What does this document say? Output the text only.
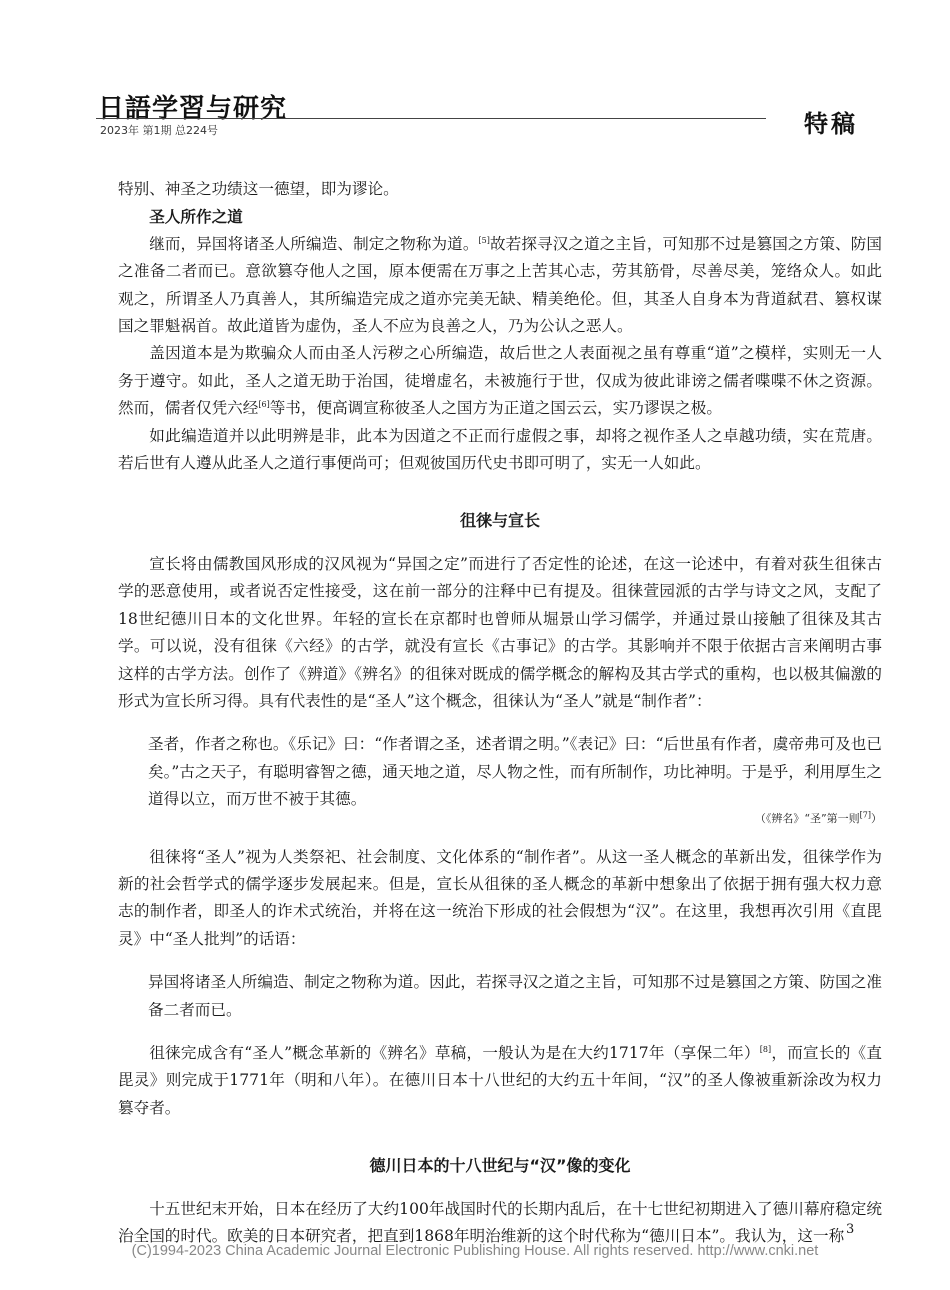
日語学習与研究
2023年 第1期 总224号	特稿

特别、神圣之功绩这一德望，即为谬论。

圣人所作之道

继而，异国将诸圣人所编造、制定之物称为道。[5]故若探寻汉之道之主旨，可知那不过是篡国之方策、防国之准备二者而已。意欲篡夺他人之国，原本便需在万事之上苦其心志，劳其筋骨，尽善尽美，笼络众人。如此观之，所谓圣人乃真善人，其所编造完成之道亦完美无缺、精美绝伦。但，其圣人自身本为背道弑君、篡权谋国之罪魁祸首。故此道皆为虚伪，圣人不应为良善之人，乃为公认之恶人。

盖因道本是为欺骗众人而由圣人污秽之心所编造，故后世之人表面视之虽有尊重“道”之模样，实则无一人务于遵守。如此，圣人之道无助于治国，徒增虚名，未被施行于世，仅成为彼此诽谤之儒者喋喋不休之资源。然而，儒者仅凭六经[6]等书，便高调宣称彼圣人之国方为正道之国云云，实乃谬误之极。

如此编造道并以此明辨是非，此本为因道之不正而行虚假之事，却将之视作圣人之卓越功绩，实在荒唐。若后世有人遵从此圣人之道行事便尚可；但观彼国历代史书即可明了，实无一人如此。

徂徕与宣长

宣长将由儒教国风形成的汉风视为“异国之定”而进行了否定性的论述，在这一论述中，有着对荻生徂徕古学的恶意使用，或者说否定性接受，这在前一部分的注释中已有提及。徂徕萱园派的古学与诗文之风，支配了18世纪德川日本的文化世界。年轻的宣长在京都时也曾师从堀景山学习儒学，并通过景山接触了徂徕及其古学。可以说，没有徂徕《六经》的古学，就没有宣长《古事记》的古学。其影响并不限于依据古言来阐明古事这样的古学方法。创作了《辨道》《辨名》的徂徕对既成的儒学概念的解构及其古学式的重构，也以极其偏激的形式为宣长所习得。具有代表性的是“圣人”这个概念，徂徕认为“圣人”就是“制作者”：

圣者，作者之称也。《乐记》曰：“作者谓之圣，述者谓之明。”《表记》曰：“后世虽有作者，虞帝弗可及也已矣。”古之天子，有聪明睿智之德，通天地之道，尽人物之性，而有所制作，功比神明。于是乎，利用厚生之道得以立，而万世不被于其德。

（《辨名》“圣”第一则[7]）

徂徕将“圣人”视为人类祭祀、社会制度、文化体系的“制作者”。从这一圣人概念的革新出发，徂徕学作为新的社会哲学式的儒学逐步发展起来。但是，宣长从徂徕的圣人概念的革新中想象出了依据于拥有强大权力意志的制作者，即圣人的诈术式统治，并将在这一统治下形成的社会假想为“汉”。在这里，我想再次引用《直毘灵》中“圣人批判”的话语：

异国将诸圣人所编造、制定之物称为道。因此，若探寻汉之道之主旨，可知那不过是篡国之方策、防国之准备二者而已。

徂徕完成含有“圣人”概念革新的《辨名》草稿，一般认为是在大约1717年（享保二年）[8]，而宣长的《直毘灵》则完成于1771年（明和八年）。在德川日本十八世纪的大约五十年间，“汉”的圣人像被重新涂改为权力篡夺者。

德川日本的十八世纪与“汉”像的变化

十五世纪末开始，日本在经历了大约100年战国时代的长期内乱后，在十七世纪初期进入了德川幕府稳定统治全国的时代。欧美的日本研究者，把直到1868年明治维新的这个时代称为“德川日本”。我认为，这一称 3
(C)1994-2023 China Academic Journal Electronic Publishing House. All rights reserved. http://www.cnki.net
